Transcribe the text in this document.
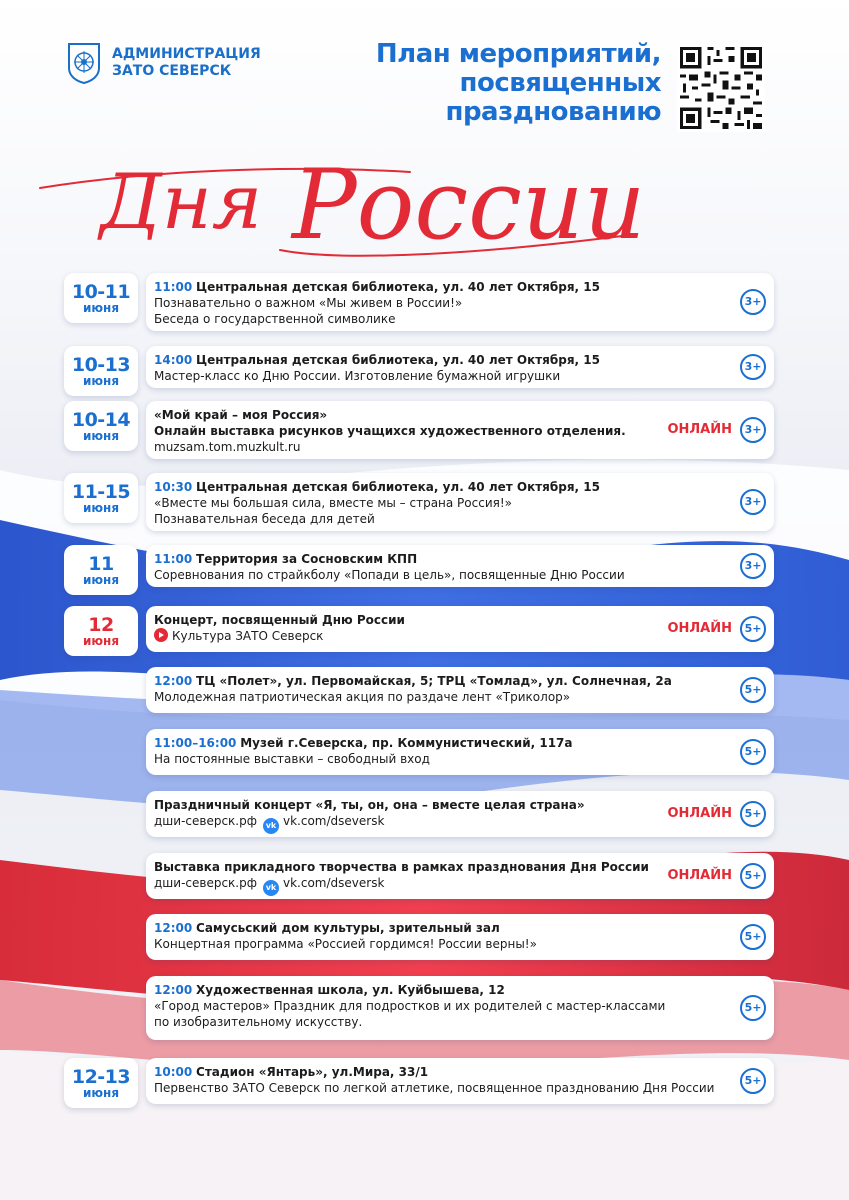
АДМИНИСТРАЦИЯ
ЗАТО СЕВЕРСК
План мероприятий,
посвященных
празднованию
Дня России
10-11
июня
11:00 Центральная детская библиотека, ул. 40 лет Октября, 15
Познавательно о важном «Мы живем в России!»
Беседа о государственной символике
3+
10-13
июня
14:00 Центральная детская библиотека, ул. 40 лет Октября, 15
Мастер-класс ко Дню России. Изготовление бумажной игрушки
3+
10-14
июня
«Мой край – моя Россия»
Онлайн выставка рисунков учащихся художественного отделения.
muzsam.tom.muzkult.ru
ОНЛАЙН	3+
11-15
июня
10:30 Центральная детская библиотека, ул. 40 лет Октября, 15
«Вместе мы большая сила, вместе мы – страна Россия!»
Познавательная беседа для детей
3+
11
июня
11:00 Территория за Сосновским КПП
Соревнования по страйкболу «Попади в цель», посвященные Дню России
3+
12
июня
Концерт, посвященный Дню России
Культура ЗАТО Северск	ОНЛАЙН	5+
12:00 ТЦ «Полет», ул. Первомайская, 5; ТРЦ «Томлад», ул. Солнечная, 2а
Молодежная патриотическая акция по раздаче лент «Триколор»
5+
11:00–16:00 Музей г.Северска, пр. Коммунистический, 117а
На постоянные выставки – свободный вход
5+
Праздничный концерт «Я, ты, он, она – вместе целая страна»
дши-северск.рф vk vk.com/dseversk	ОНЛАЙН	5+
Выставка прикладного творчества в рамках празднования Дня России
дши-северск.рф vk vk.com/dseversk	ОНЛАЙН	5+
12:00 Самусьский дом культуры, зрительный зал
Концертная программа «Россией гордимся! России верны!»
5+
12:00 Художественная школа, ул. Куйбышева, 12
«Город мастеров» Праздник для подростков и их родителей с мастер-классами
по изобразительному искусству.
5+
12-13
июня
10:00 Стадион «Янтарь», ул.Мира, 33/1
Первенство ЗАТО Северск по легкой атлетике, посвященное празднованию Дня России
5+
